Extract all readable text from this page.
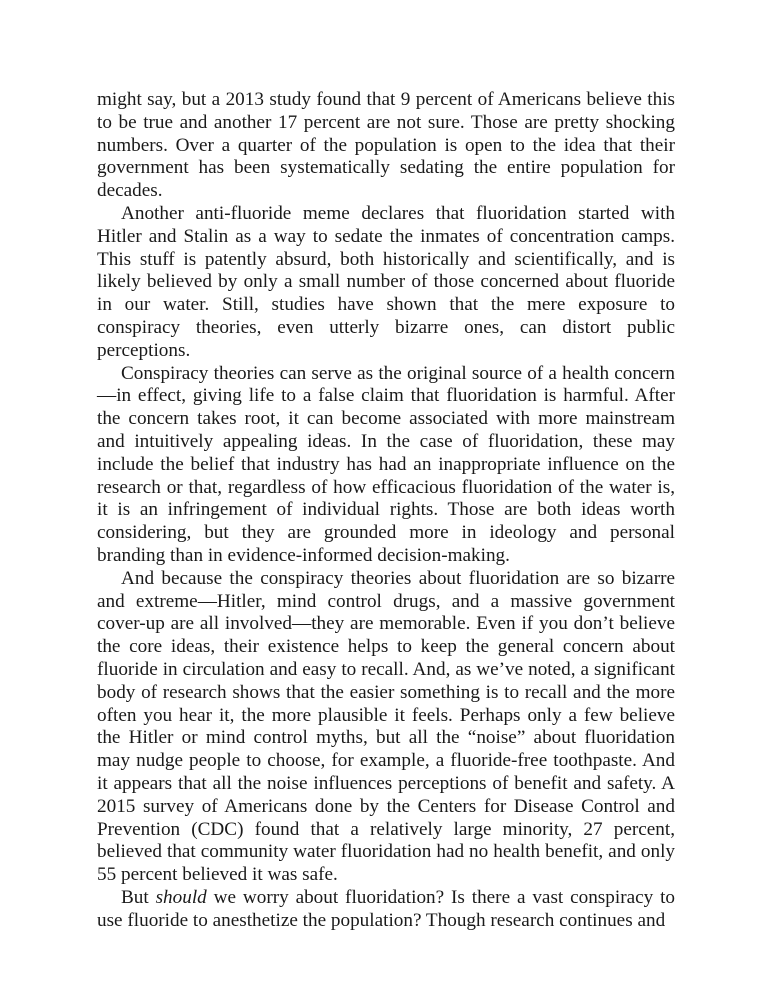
might say, but a 2013 study found that 9 percent of Americans believe this to be true and another 17 percent are not sure. Those are pretty shocking numbers. Over a quarter of the population is open to the idea that their government has been systematically sedating the entire population for decades.

Another anti-fluoride meme declares that fluoridation started with Hitler and Stalin as a way to sedate the inmates of concentration camps. This stuff is patently absurd, both historically and scientifically, and is likely believed by only a small number of those concerned about fluoride in our water. Still, studies have shown that the mere exposure to conspiracy theories, even utterly bizarre ones, can distort public perceptions.

Conspiracy theories can serve as the original source of a health concern —in effect, giving life to a false claim that fluoridation is harmful. After the concern takes root, it can become associated with more mainstream and intuitively appealing ideas. In the case of fluoridation, these may include the belief that industry has had an inappropriate influence on the research or that, regardless of how efficacious fluoridation of the water is, it is an infringement of individual rights. Those are both ideas worth considering, but they are grounded more in ideology and personal branding than in evidence-informed decision-making.

And because the conspiracy theories about fluoridation are so bizarre and extreme—Hitler, mind control drugs, and a massive government cover-up are all involved—they are memorable. Even if you don’t believe the core ideas, their existence helps to keep the general concern about fluoride in circulation and easy to recall. And, as we’ve noted, a significant body of research shows that the easier something is to recall and the more often you hear it, the more plausible it feels. Perhaps only a few believe the Hitler or mind control myths, but all the “noise” about fluoridation may nudge people to choose, for example, a fluoride-free toothpaste. And it appears that all the noise influences perceptions of benefit and safety. A 2015 survey of Americans done by the Centers for Disease Control and Prevention (CDC) found that a relatively large minority, 27 percent, believed that community water fluoridation had no health benefit, and only 55 percent believed it was safe.

But should we worry about fluoridation? Is there a vast conspiracy to use fluoride to anesthetize the population? Though research continues and
